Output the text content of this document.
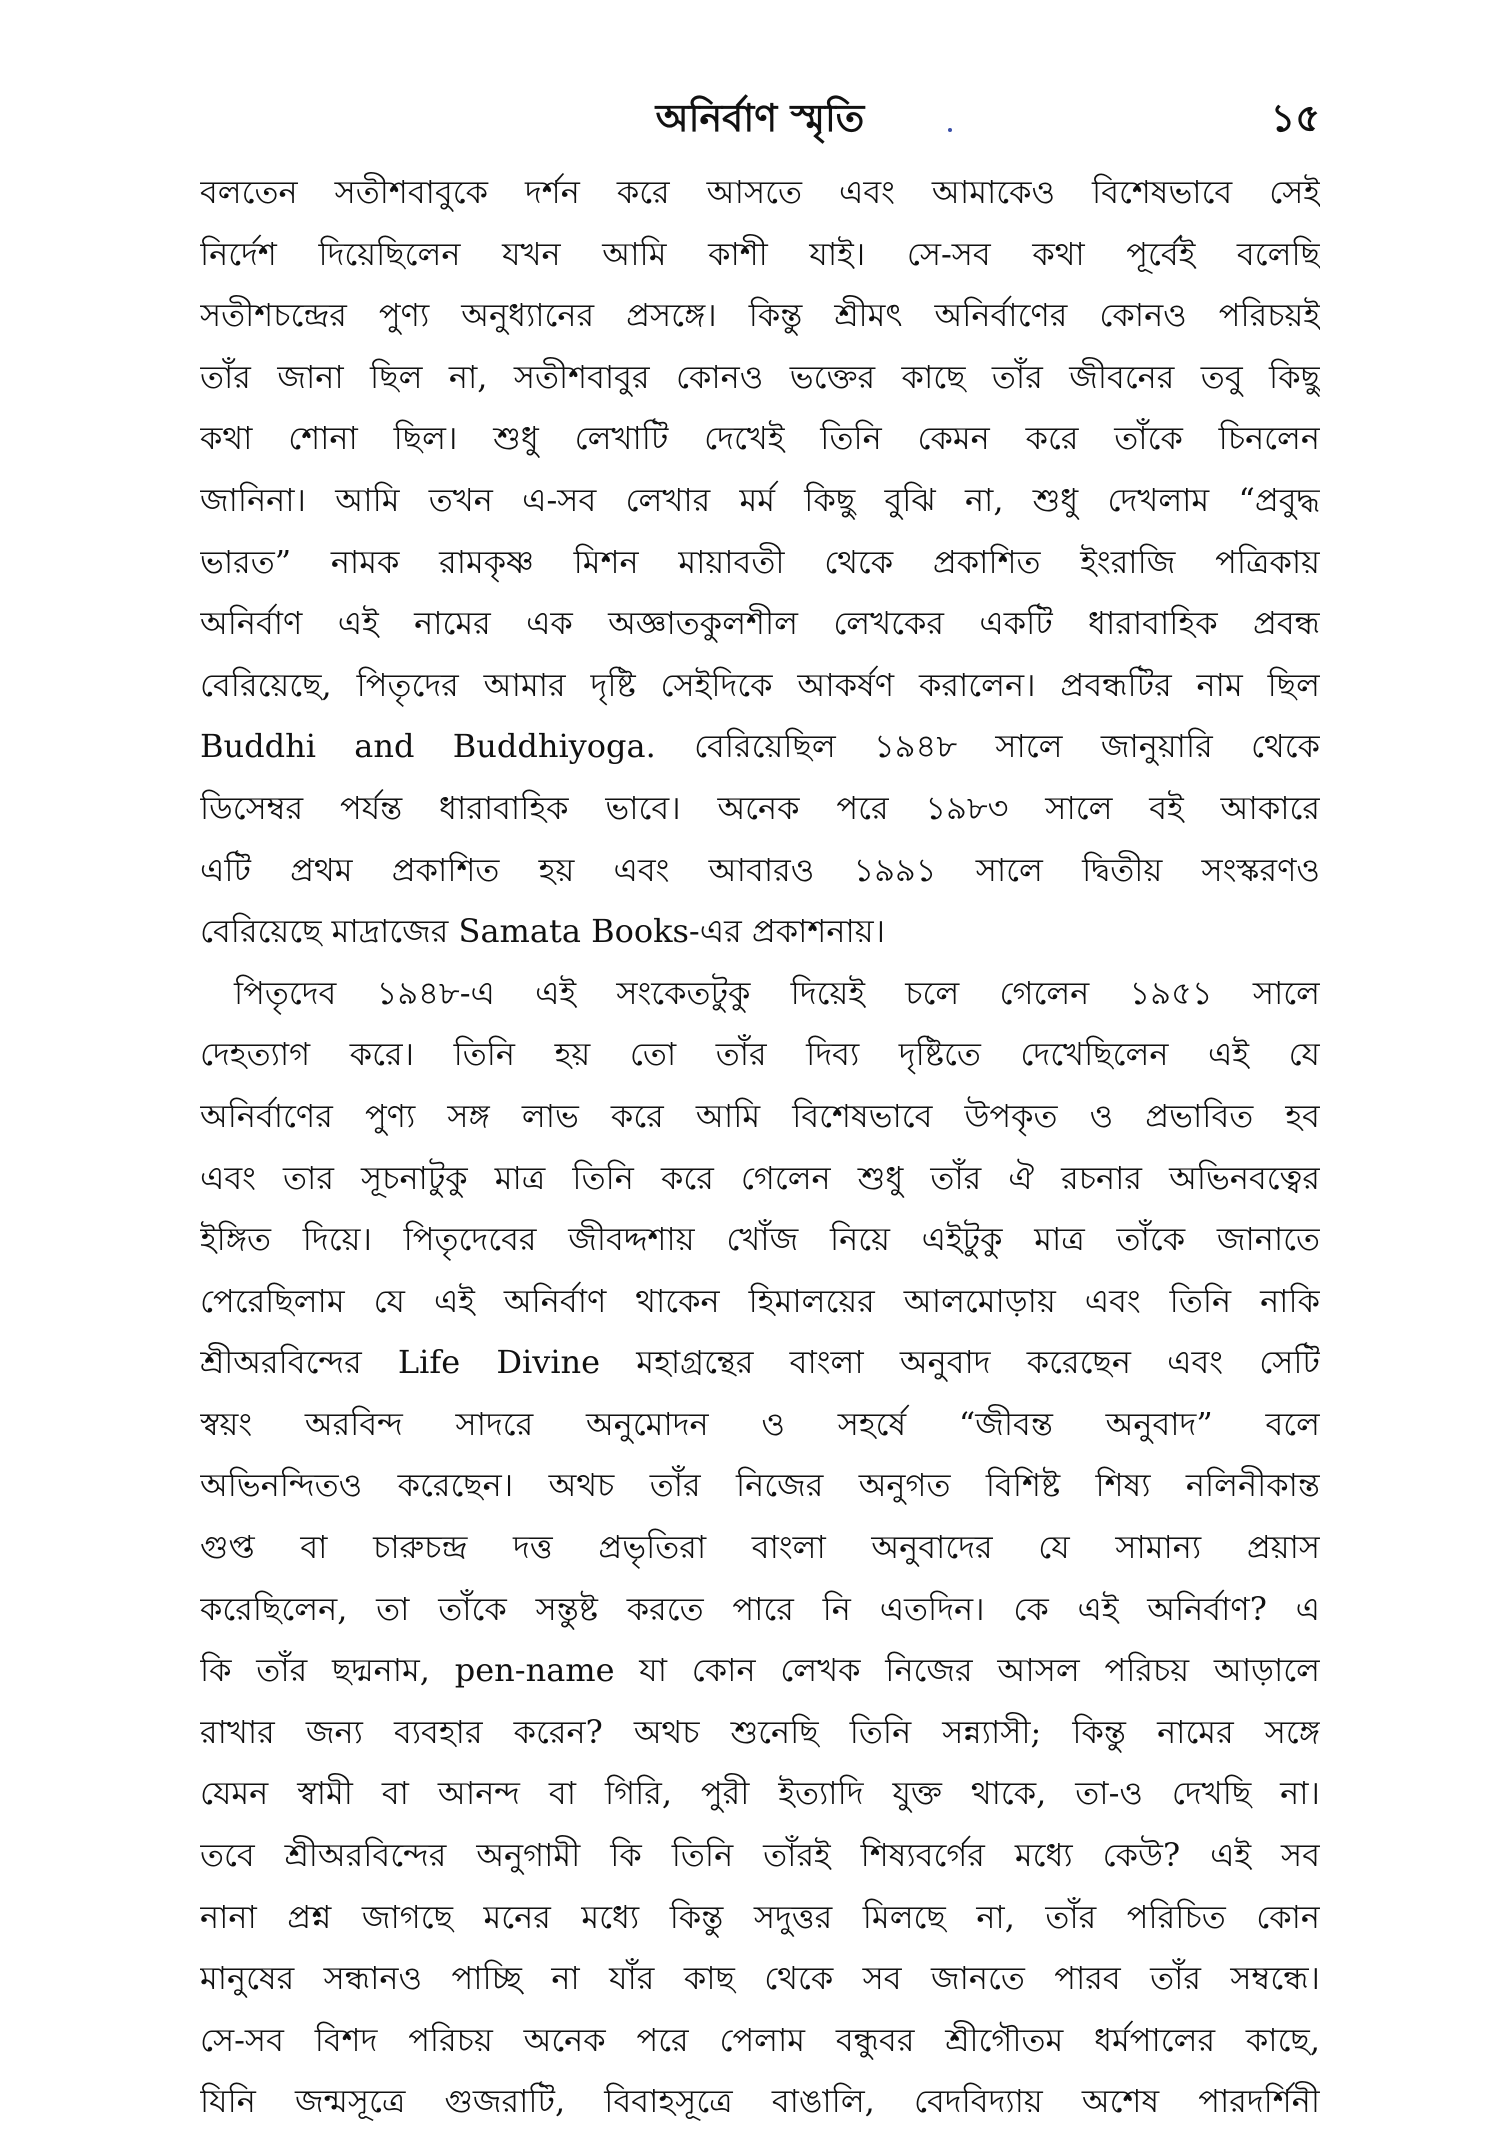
অনির্বাণ স্মৃতি	১৫
বলতেন সতীশবাবুকে দর্শন করে আসতে এবং আমাকেও বিশেষভাবে সেই
নির্দেশ দিয়েছিলেন যখন আমি কাশী যাই। সে-সব কথা পূর্বেই বলেছি
সতীশচন্দ্রের পুণ্য অনুধ্যানের প্রসঙ্গে। কিন্তু শ্রীমৎ অনির্বাণের কোনও পরিচয়ই
তাঁর জানা ছিল না, সতীশবাবুর কোনও ভক্তের কাছে তাঁর জীবনের তবু কিছু
কথা শোনা ছিল। শুধু লেখাটি দেখেই তিনি কেমন করে তাঁকে চিনলেন
জানিনা। আমি তখন এ-সব লেখার মর্ম কিছু বুঝি না, শুধু দেখলাম “প্রবুদ্ধ
ভারত” নামক রামকৃষ্ণ মিশন মায়াবতী থেকে প্রকাশিত ইংরাজি পত্রিকায়
অনির্বাণ এই নামের এক অজ্ঞাতকুলশীল লেখকের একটি ধারাবাহিক প্রবন্ধ
বেরিয়েছে, পিতৃদের আমার দৃষ্টি সেইদিকে আকর্ষণ করালেন। প্রবন্ধটির নাম ছিল
Buddhi and Buddhiyoga. বেরিয়েছিল ১৯৪৮ সালে জানুয়ারি থেকে
ডিসেম্বর পর্যন্ত ধারাবাহিক ভাবে। অনেক পরে ১৯৮৩ সালে বই আকারে
এটি প্রথম প্রকাশিত হয় এবং আবারও ১৯৯১ সালে দ্বিতীয় সংস্করণও
বেরিয়েছে মাদ্রাজের Samata Books-এর প্রকাশনায়।
পিতৃদেব ১৯৪৮-এ এই সংকেতটুকু দিয়েই চলে গেলেন ১৯৫১ সালে
দেহত্যাগ করে। তিনি হয় তো তাঁর দিব্য দৃষ্টিতে দেখেছিলেন এই যে
অনির্বাণের পুণ্য সঙ্গ লাভ করে আমি বিশেষভাবে উপকৃত ও প্রভাবিত হব
এবং তার সূচনাটুকু মাত্র তিনি করে গেলেন শুধু তাঁর ঐ রচনার অভিনবত্বের
ইঙ্গিত দিয়ে। পিতৃদেবের জীবদ্দশায় খোঁজ নিয়ে এইটুকু মাত্র তাঁকে জানাতে
পেরেছিলাম যে এই অনির্বাণ থাকেন হিমালয়ের আলমোড়ায় এবং তিনি নাকি
শ্রীঅরবিন্দের Life Divine মহাগ্রন্থের বাংলা অনুবাদ করেছেন এবং সেটি
স্বয়ং অরবিন্দ সাদরে অনুমোদন ও সহর্ষে “জীবন্ত অনুবাদ” বলে
অভিনন্দিতও করেছেন। অথচ তাঁর নিজের অনুগত বিশিষ্ট শিষ্য নলিনীকান্ত
গুপ্ত বা চারুচন্দ্র দত্ত প্রভৃতিরা বাংলা অনুবাদের যে সামান্য প্রয়াস
করেছিলেন, তা তাঁকে সন্তুষ্ট করতে পারে নি এতদিন। কে এই অনির্বাণ? এ
কি তাঁর ছদ্মনাম, pen-name যা কোন লেখক নিজের আসল পরিচয় আড়ালে
রাখার জন্য ব্যবহার করেন? অথচ শুনেছি তিনি সন্ন্যাসী; কিন্তু নামের সঙ্গে
যেমন স্বামী বা আনন্দ বা গিরি, পুরী ইত্যাদি যুক্ত থাকে, তা-ও দেখছি না।
তবে শ্রীঅরবিন্দের অনুগামী কি তিনি তাঁরই শিষ্যবর্গের মধ্যে কেউ? এই সব
নানা প্রশ্ন জাগছে মনের মধ্যে কিন্তু সদুত্তর মিলছে না, তাঁর পরিচিত কোন
মানুষের সন্ধানও পাচ্ছি না যাঁর কাছ থেকে সব জানতে পারব তাঁর সম্বন্ধে।
সে-সব বিশদ পরিচয় অনেক পরে পেলাম বন্ধুবর শ্রীগৌতম ধর্মপালের কাছে,
যিনি জন্মসূত্রে গুজরাটি, বিবাহসূত্রে বাঙালি, বেদবিদ্যায় অশেষ পারদর্শিনী
